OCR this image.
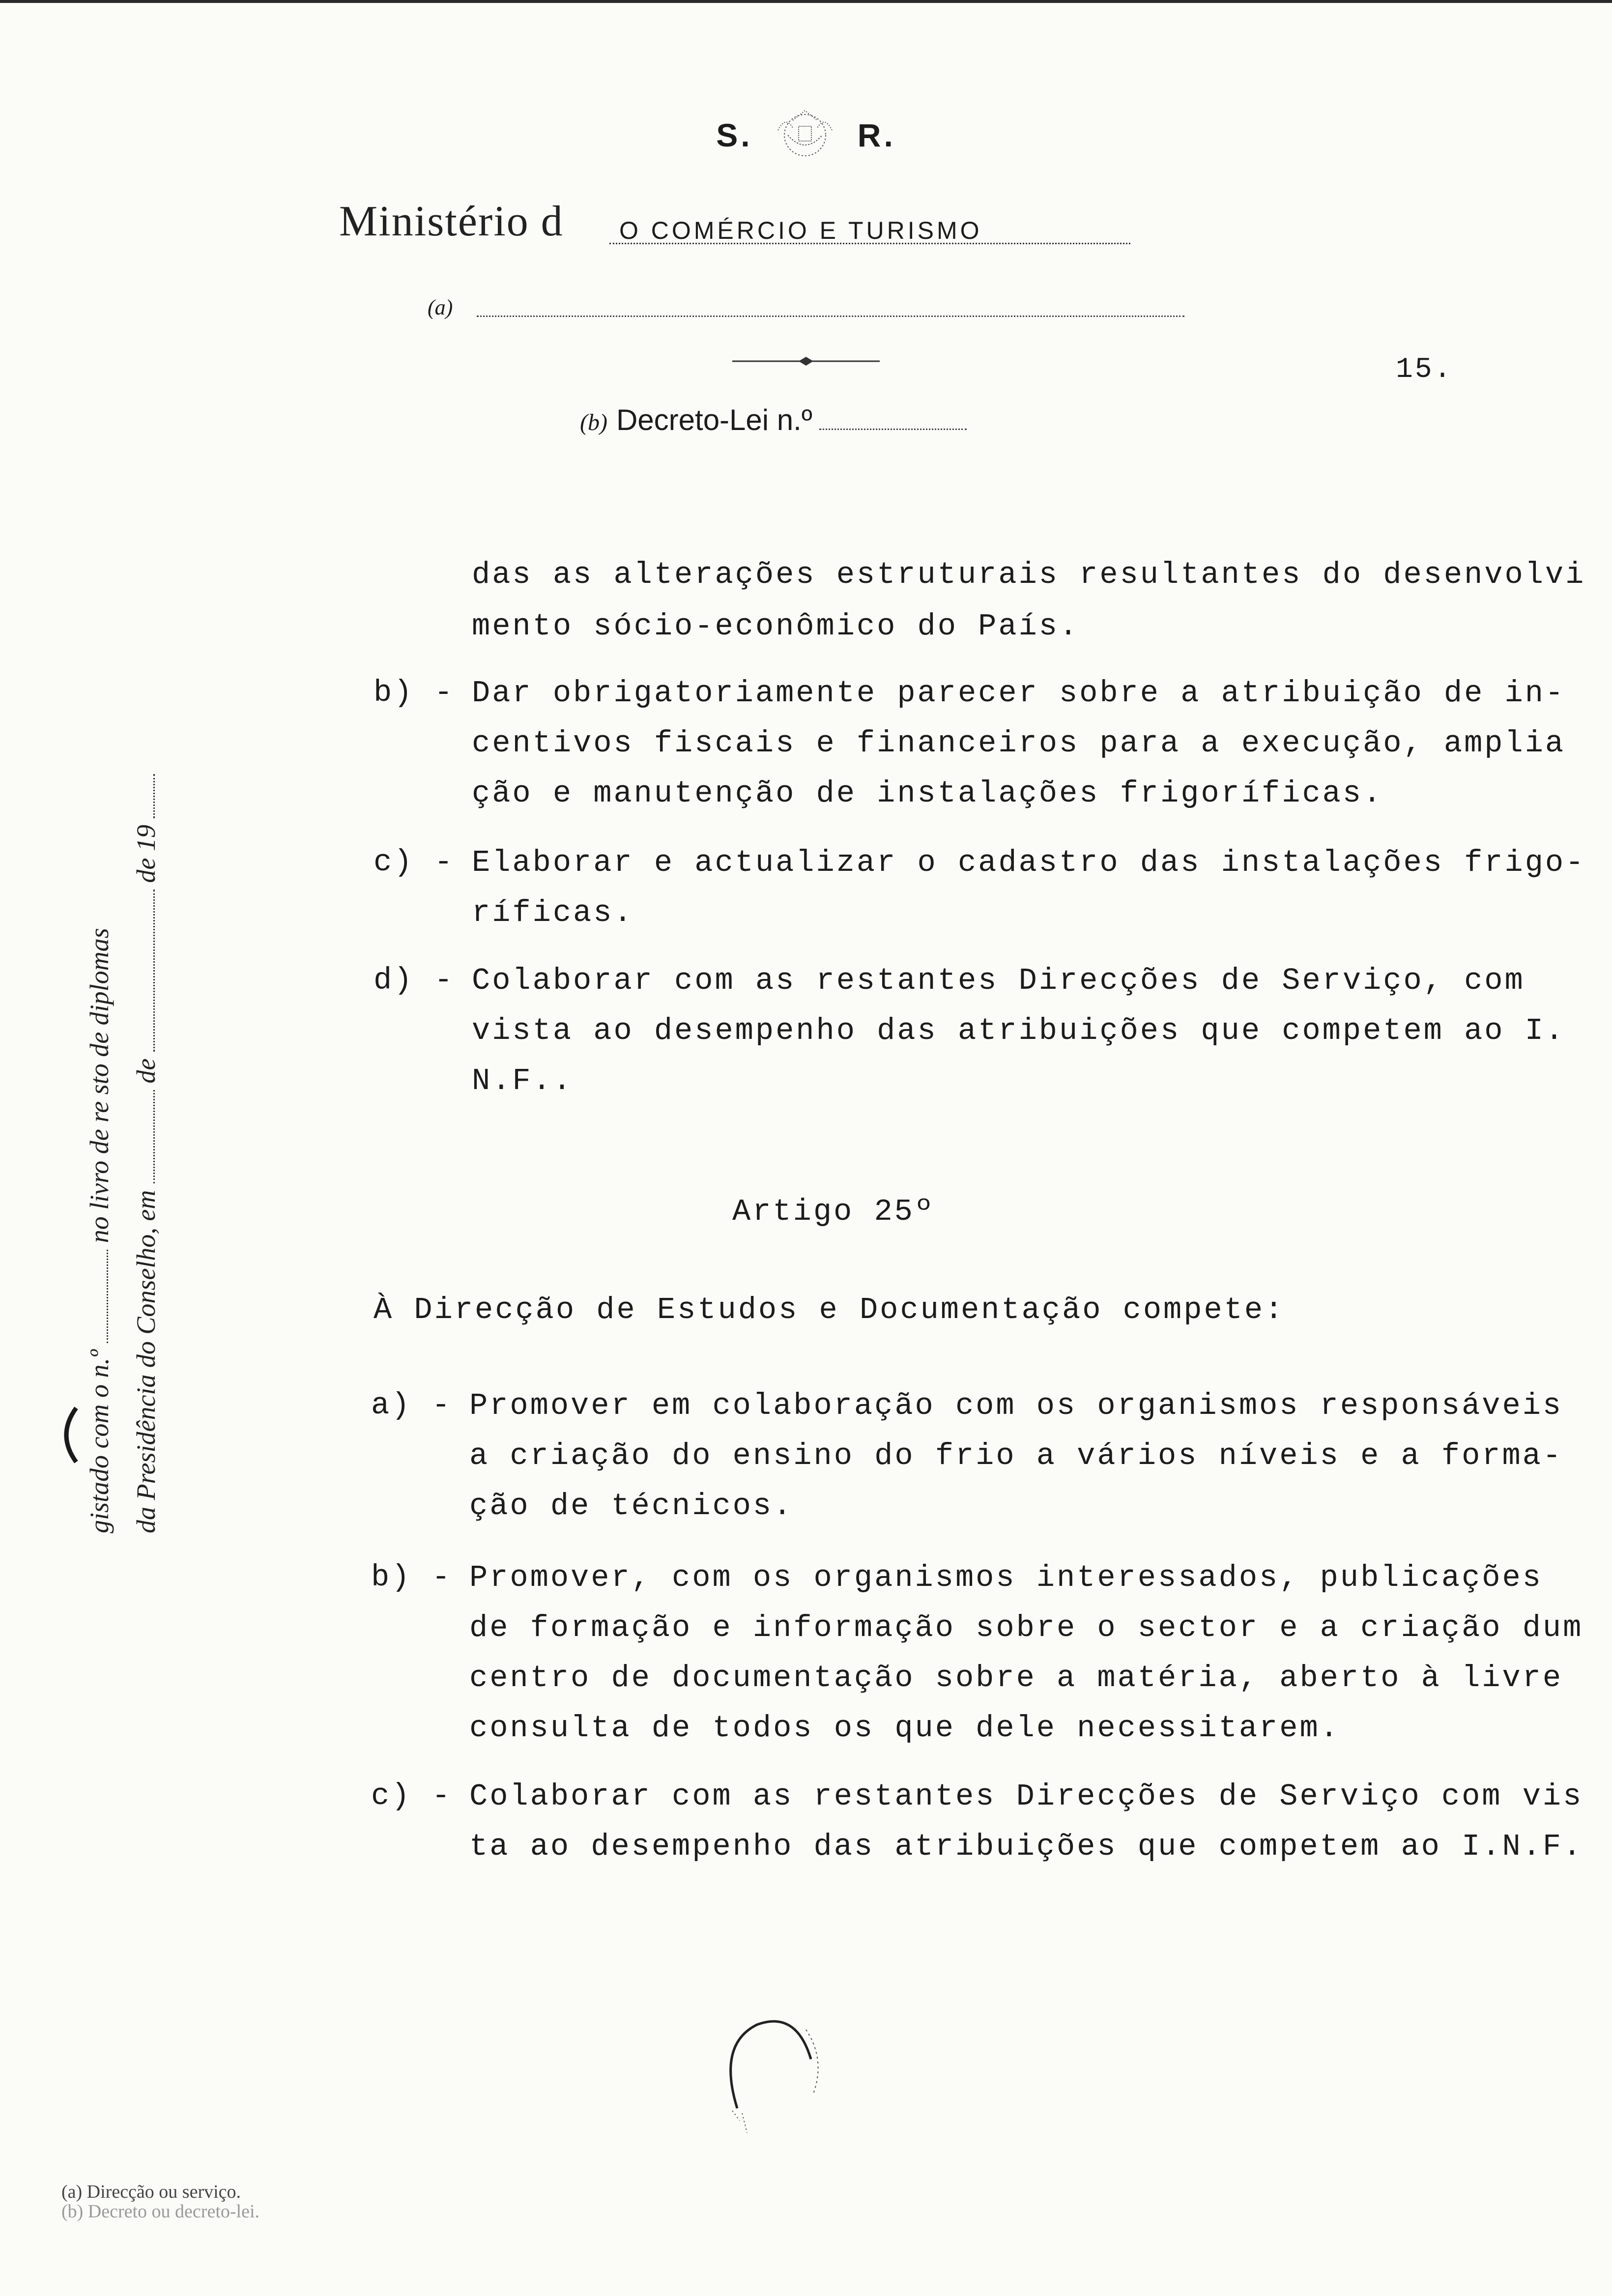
S.	R.
Ministério d	O COMÉRCIO E TURISMO
(a)
15.
(b) Decreto-Lei n.º
gistado com o n.º  no livro de re sto de diplomas
da Presidência do Conselho, em  de  de 19
das as alterações estruturais resultantes do desenvolvi
mento sócio-econômico do País.
b) - Dar obrigatoriamente parecer sobre a atribuição de in-
centivos fiscais e financeiros para a execução, amplia
ção e manutenção de instalações frigoríficas.
c) - Elaborar e actualizar o cadastro das instalações frigo-
ríficas.
d) - Colaborar com as restantes Direcções de Serviço, com
vista ao desempenho das atribuições que competem ao I.
N.F..
Artigo 25º
À Direcção de Estudos e Documentação compete:
a) - Promover em colaboração com os organismos responsáveis
a criação do ensino do frio a vários níveis e a forma-
ção de técnicos.
b) - Promover, com os organismos interessados, publicações
de formação e informação sobre o sector e a criação dum
centro de documentação sobre a matéria, aberto à livre
consulta de todos os que dele necessitarem.
c) - Colaborar com as restantes Direcções de Serviço com vis
ta ao desempenho das atribuições que competem ao I.N.F.
(a) Direcção ou serviço.
(b) Decreto ou decreto-lei.
